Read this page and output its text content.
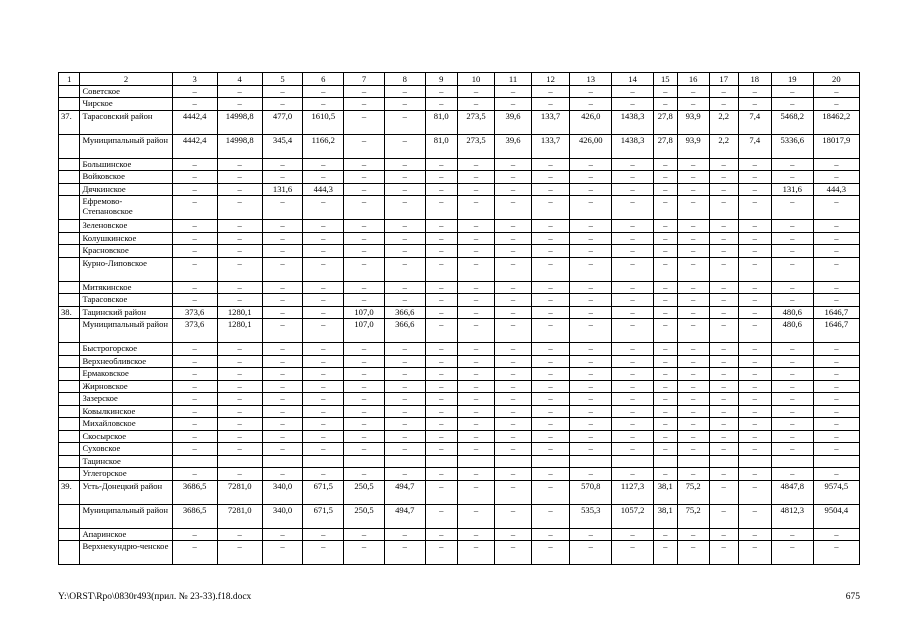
1	2	3	4	5	6	7	8	9	10	11	12	13	14	15	16	17	18	19	20
	Советское	–	–	–	–	–	–	–	–	–	–	–	–	–	–	–	–	–	–
	Чирское	–	–	–	–	–	–	–	–	–	–	–	–	–	–	–	–	–	–
37.	Тарасовский район	4442,4	14998,8	477,0	1610,5	–	–	81,0	273,5	39,6	133,7	426,0	1438,3	27,8	93,9	2,2	7,4	5468,2	18462,2
	Муниципальный район	4442,4	14998,8	345,4	1166,2	–	–	81,0	273,5	39,6	133,7	426,00	1438,3	27,8	93,9	2,2	7,4	5336,6	18017,9
	Большинское	–	–	–	–	–	–	–	–	–	–	–	–	–	–	–	–	–	–
	Войковское	–	–	–	–	–	–	–	–	–	–	–	–	–	–	–	–	–	–
	Дячкинское	–	–	131,6	444,3	–	–	–	–	–	–	–	–	–	–	–	–	131,6	444,3
	Ефремово-Степановское	–	–	–	–	–	–	–	–	–	–	–	–	–	–	–	–	–	–
	Зеленовское	–	–	–	–	–	–	–	–	–	–	–	–	–	–	–	–	–	–
	Колушкинское	–	–	–	–	–	–	–	–	–	–	–	–	–	–	–	–	–	–
	Красновское	–	–	–	–	–	–	–	–	–	–	–	–	–	–	–	–	–	–
	Курно-Липовское	–	–	–	–	–	–	–	–	–	–	–	–	–	–	–	–	–	–
	Митякинское	–	–	–	–	–	–	–	–	–	–	–	–	–	–	–	–	–	–
	Тарасовское	–	–	–	–	–	–	–	–	–	–	–	–	–	–	–	–	–	–
38.	Тацинский район	373,6	1280,1	–	–	107,0	366,6	–	–	–	–	–	–	–	–	–	–	480,6	1646,7
	Муниципальный район	373,6	1280,1	–	–	107,0	366,6	–	–	–	–	–	–	–	–	–	–	480,6	1646,7
	Быстрогорское	–	–	–	–	–	–	–	–	–	–	–	–	–	–	–	–	–	–
	Верхнеобливское	–	–	–	–	–	–	–	–	–	–	–	–	–	–	–	–	–	–
	Ермаковское	–	–	–	–	–	–	–	–	–	–	–	–	–	–	–	–	–	–
	Жирновское	–	–	–	–	–	–	–	–	–	–	–	–	–	–	–	–	–	–
	Зазерское	–	–	–	–	–	–	–	–	–	–	–	–	–	–	–	–	–	–
	Ковылкинское	–	–	–	–	–	–	–	–	–	–	–	–	–	–	–	–	–	–
	Михайловское	–	–	–	–	–	–	–	–	–	–	–	–	–	–	–	–	–	–
	Скосырское	–	–	–	–	–	–	–	–	–	–	–	–	–	–	–	–	–	–
	Суховское	–	–	–	–	–	–	–	–	–	–	–	–	–	–	–	–	–	–
	Тацинское																		
	Углегорское	–	–	–	–	–	–	–	–	–	–	–	–	–	–	–	–	–	–
39.	Усть-Донецкий район	3686,5	7281,0	340,0	671,5	250,5	494,7	–	–	–	–	570,8	1127,3	38,1	75,2	–	–	4847,8	9574,5
	Муниципальный район	3686,5	7281,0	340,0	671,5	250,5	494,7	–	–	–	–	535,3	1057,2	38,1	75,2	–	–	4812,3	9504,4
	Апаринское	–	–	–	–	–	–	–	–	–	–	–	–	–	–	–	–	–	–
	Верхнекундрю-ченское	–	–	–	–	–	–	–	–	–	–	–	–	–	–	–	–	–	–
Y:\ORST\Rpo\0830r493(прил. № 23-33).f18.docx	675
